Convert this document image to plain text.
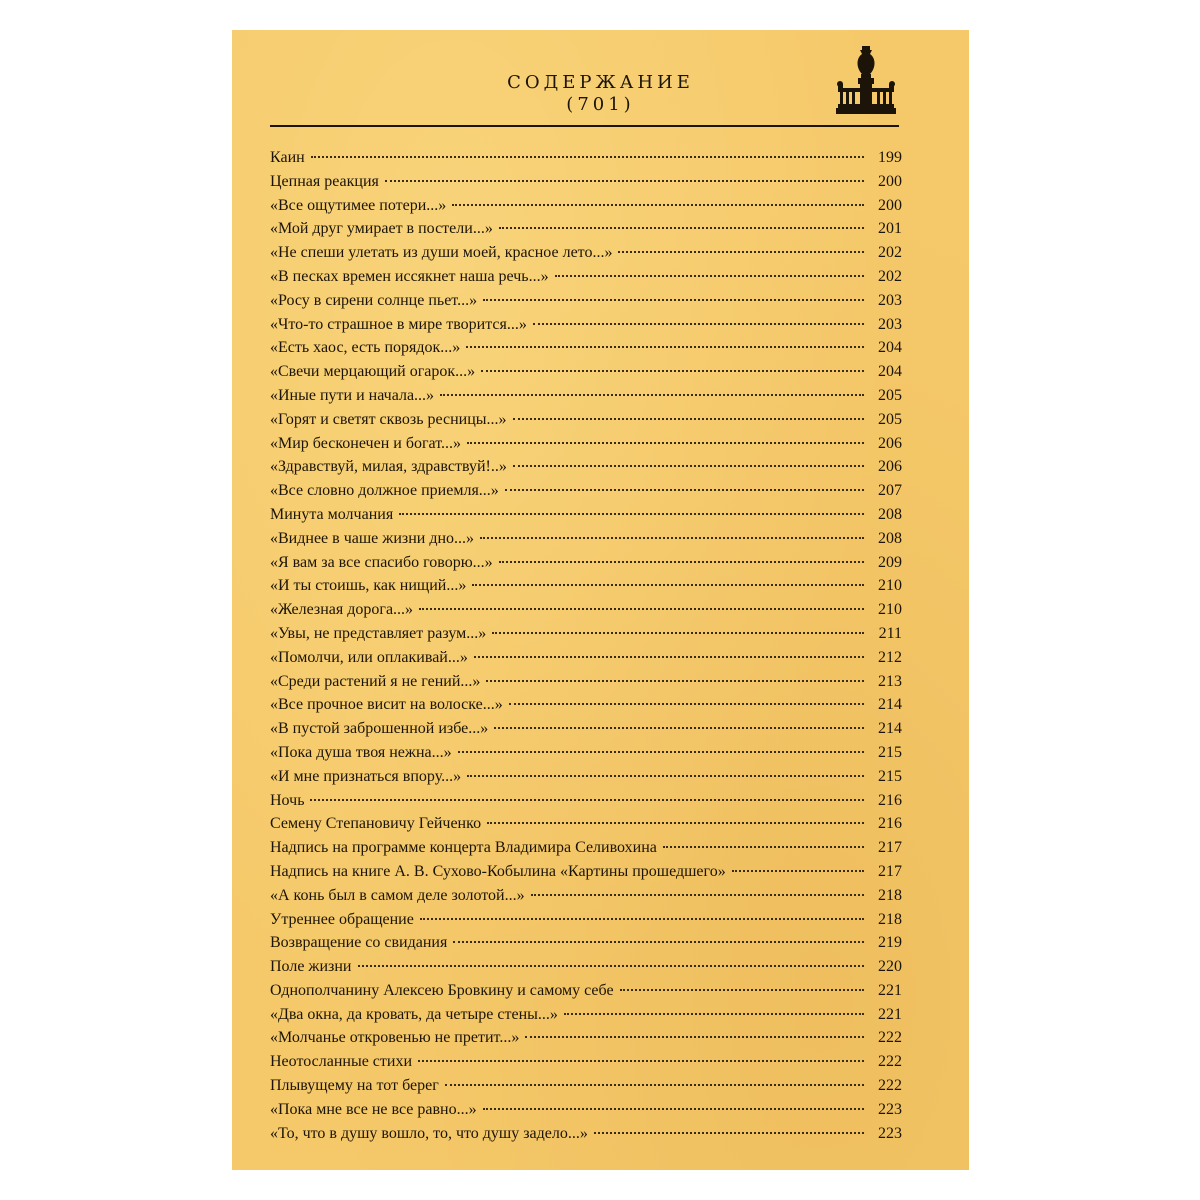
СОДЕРЖАНИЕ
(701)
Каин	199
Цепная реакция	200
«Все ощутимее потери...»	200
«Мой друг умирает в постели...»	201
«Не спеши улетать из души моей, красное лето...»	202
«В песках времен иссякнет наша речь...»	202
«Росу в сирени солнце пьет...»	203
«Что-то страшное в мире творится...»	203
«Есть хаос, есть порядок...»	204
«Свечи мерцающий огарок...»	204
«Иные пути и начала...»	205
«Горят и светят сквозь ресницы...»	205
«Мир бесконечен и богат...»	206
«Здравствуй, милая, здравствуй!..»	206
«Все словно должное приемля...»	207
Минута молчания	208
«Виднее в чаше жизни дно...»	208
«Я вам за все спасибо говорю...»	209
«И ты стоишь, как нищий...»	210
«Железная дорога...»	210
«Увы, не представляет разум...»	211
«Помолчи, или оплакивай...»	212
«Среди растений я не гений...»	213
«Все прочное висит на волоске...»	214
«В пустой заброшенной избе...»	214
«Пока душа твоя нежна...»	215
«И мне признаться впору...»	215
Ночь	216
Семену Степановичу Гейченко	216
Надпись на программе концерта Владимира Селивохина	217
Надпись на книге А. В. Сухово-Кобылина «Картины прошедшего»	217
«А конь был в самом деле золотой...»	218
Утреннее обращение	218
Возвращение со свидания	219
Поле жизни	220
Однополчанину Алексею Бровкину и самому себе	221
«Два окна, да кровать, да четыре стены...»	221
«Молчанье откровенью не претит...»	222
Неотосланные стихи	222
Плывущему на тот берег	222
«Пока мне все не все равно...»	223
«То, что в душу вошло, то, что душу задело...»	223
